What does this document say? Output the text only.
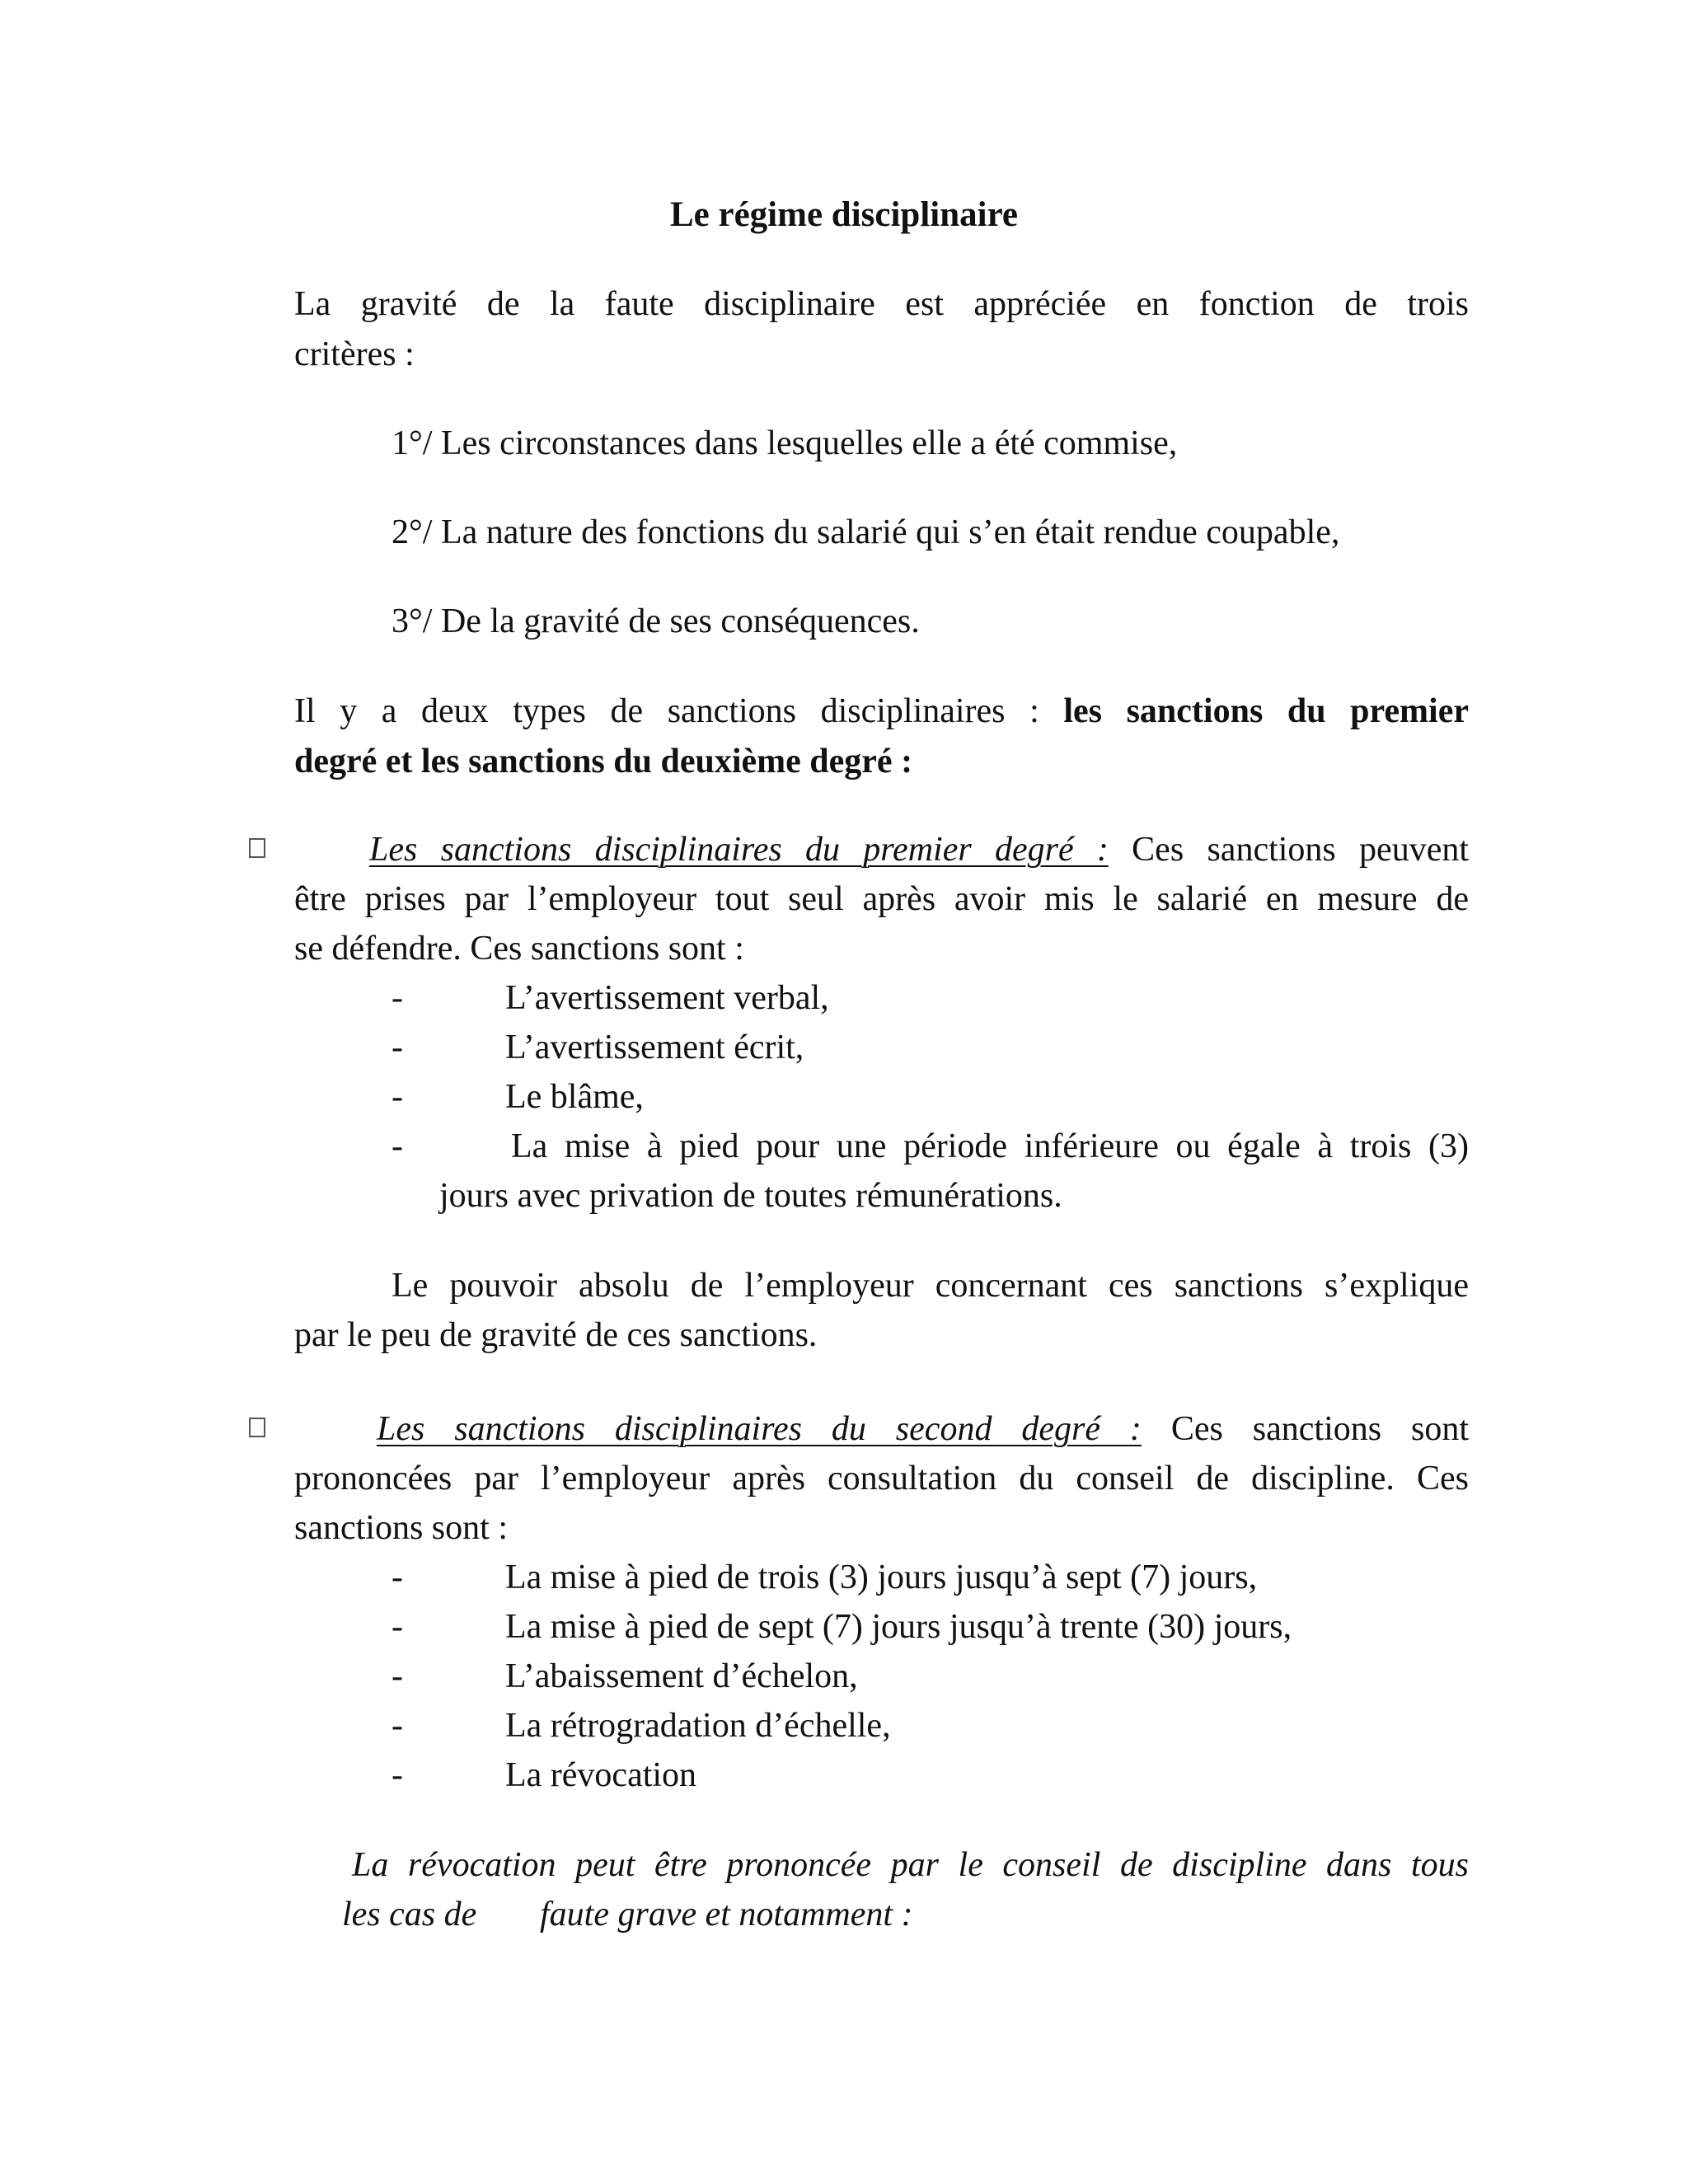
Le régime disciplinaire
La gravité de la faute disciplinaire est appréciée en fonction de trois
critères :
1°/ Les circonstances dans lesquelles elle a été commise,
2°/ La nature des fonctions du salarié qui s’en était rendue coupable,
3°/ De la gravité de ses conséquences.
Il y a deux types de sanctions disciplinaires : les sanctions du premier
degré et les sanctions du deuxième degré :
Les sanctions disciplinaires du premier degré : Ces sanctions peuvent
être prises par l’employeur tout seul après avoir mis le salarié en mesure de
se défendre. Ces sanctions sont :
-	L’avertissement verbal,
-	L’avertissement écrit,
-	Le blâme,
-	La mise à pied pour une période inférieure ou égale à trois (3)
jours avec privation de toutes rémunérations.
Le pouvoir absolu de l’employeur concernant ces sanctions s’explique
par le peu de gravité de ces sanctions.
Les sanctions disciplinaires du second degré : Ces sanctions sont
prononcées par l’employeur après consultation du conseil de discipline. Ces
sanctions sont :
-	La mise à pied de trois (3) jours jusqu’à sept (7) jours,
-	La mise à pied de sept (7) jours jusqu’à trente (30) jours,
-	L’abaissement d’échelon,
-	La rétrogradation d’échelle,
-	La révocation
La révocation peut être prononcée par le conseil de discipline dans tous
les cas de faute grave et notamment :
